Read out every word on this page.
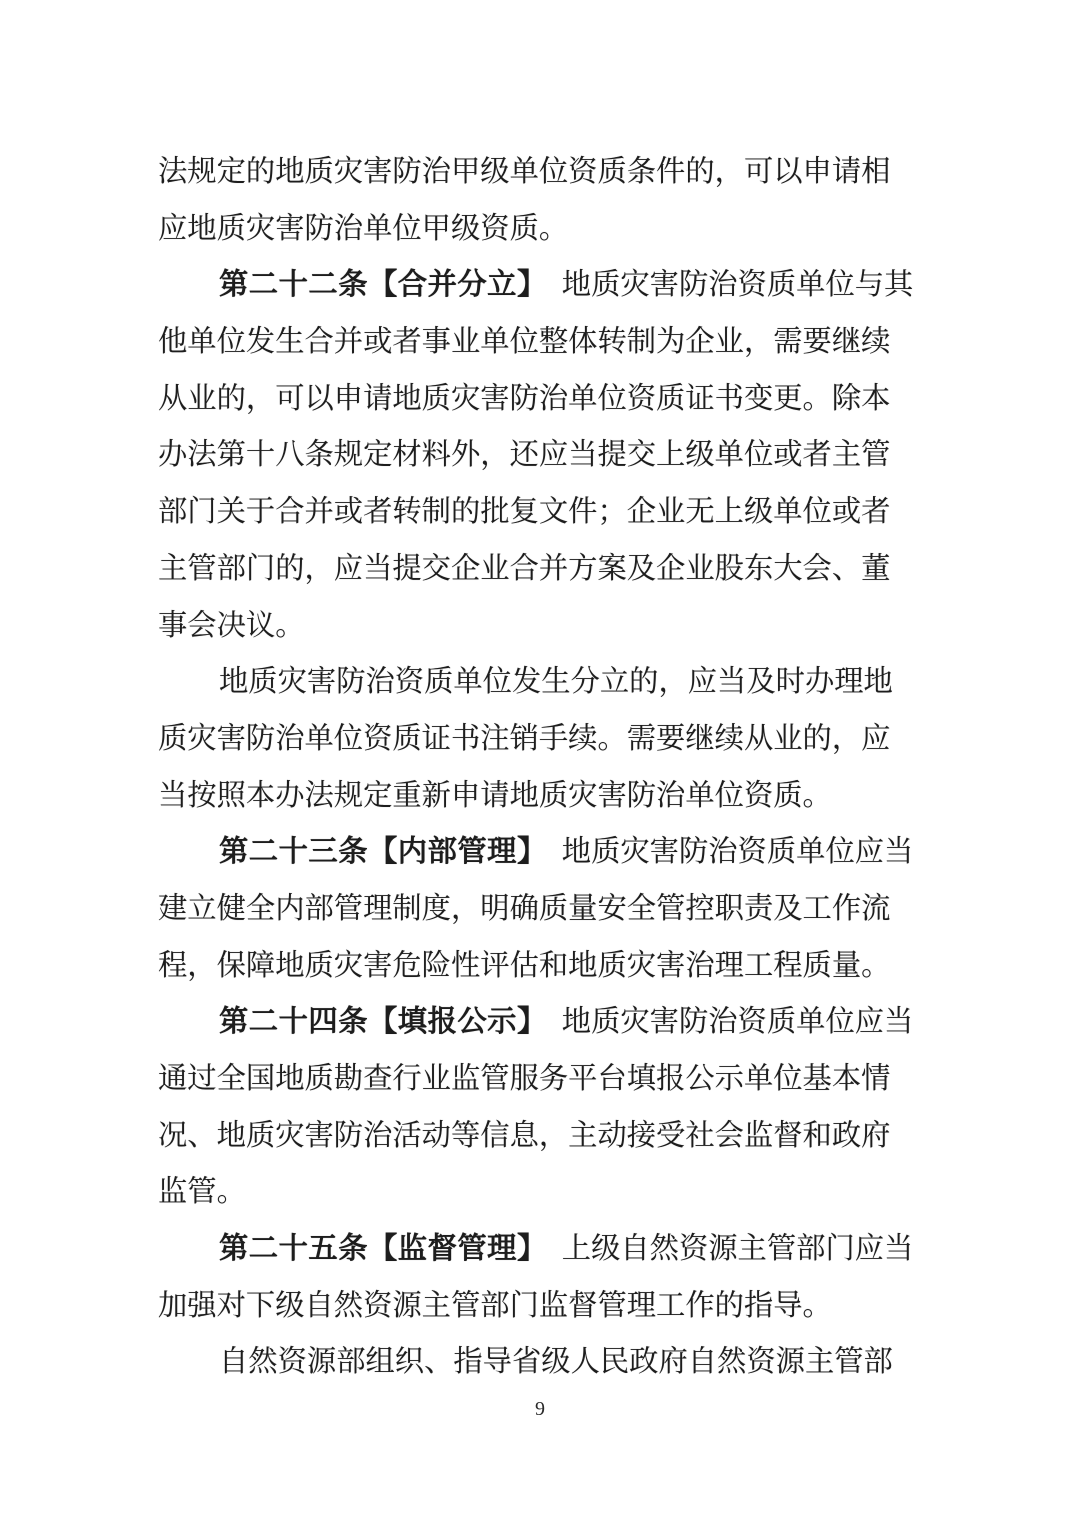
法规定的地质灾害防治甲级单位资质条件的，可以申请相
应地质灾害防治单位甲级资质。
第二十二条【合并分立】 地质灾害防治资质单位与其
他单位发生合并或者事业单位整体转制为企业，需要继续
从业的，可以申请地质灾害防治单位资质证书变更。除本
办法第十八条规定材料外，还应当提交上级单位或者主管
部门关于合并或者转制的批复文件；企业无上级单位或者
主管部门的，应当提交企业合并方案及企业股东大会、董
事会决议。
地质灾害防治资质单位发生分立的，应当及时办理地
质灾害防治单位资质证书注销手续。需要继续从业的，应
当按照本办法规定重新申请地质灾害防治单位资质。
第二十三条【内部管理】 地质灾害防治资质单位应当
建立健全内部管理制度，明确质量安全管控职责及工作流
程，保障地质灾害危险性评估和地质灾害治理工程质量。
第二十四条【填报公示】 地质灾害防治资质单位应当
通过全国地质勘查行业监管服务平台填报公示单位基本情
况、地质灾害防治活动等信息，主动接受社会监督和政府
监管。
第二十五条【监督管理】 上级自然资源主管部门应当
加强对下级自然资源主管部门监督管理工作的指导。
自然资源部组织、指导省级人民政府自然资源主管部
9
